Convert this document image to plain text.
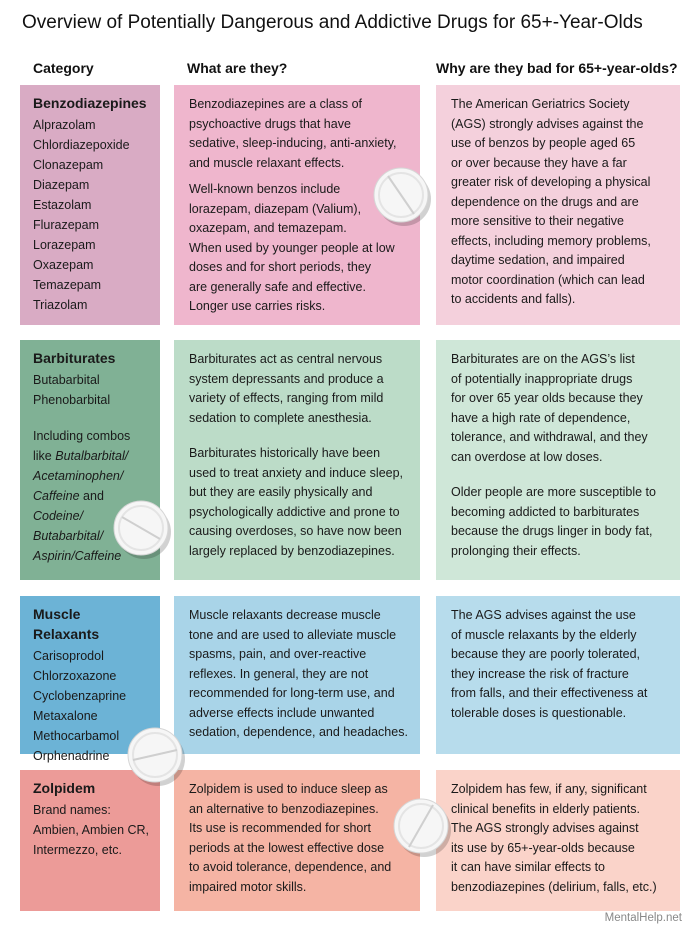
Overview of Potentially Dangerous and Addictive Drugs for 65+-Year-Olds
Category	What are they?	Why are they bad for 65+-year-olds?
Benzodiazepines
Alprazolam
Chlordiazepoxide
Clonazepam
Diazepam
Estazolam
Flurazepam
Lorazepam
Oxazepam
Temazepam
Triazolam
Benzodiazepines are a class of
psychoactive drugs that have
sedative, sleep-inducing, anti-anxiety,
and muscle relaxant effects.
Well-known benzos include
lorazepam, diazepam (Valium),
oxazepam, and temazepam.
When used by younger people at low
doses and for short periods, they
are generally safe and effective.
Longer use carries risks.
The American Geriatrics Society
(AGS) strongly advises against the
use of benzos by people aged 65
or over because they have a far
greater risk of developing a physical
dependence on the drugs and are
more sensitive to their negative
effects, including memory problems,
daytime sedation, and impaired
motor coordination (which can lead
to accidents and falls).
Barbiturates
Butabarbital
Phenobarbital
Including combos
like Butalbarbital/
Acetaminophen/
Caffeine and
Codeine/
Butabarbital/
Aspirin/Caffeine
Barbiturates act as central nervous
system depressants and produce a
variety of effects, ranging from mild
sedation to complete anesthesia.
Barbiturates historically have been
used to treat anxiety and induce sleep,
but they are easily physically and
psychologically addictive and prone to
causing overdoses, so have now been
largely replaced by benzodiazepines.
Barbiturates are on the AGS’s list
of potentially inappropriate drugs
for over 65 year olds because they
have a high rate of dependence,
tolerance, and withdrawal, and they
can overdose at low doses.
Older people are more susceptible to
becoming addicted to barbiturates
because the drugs linger in body fat,
prolonging their effects.
Muscle Relaxants
Carisoprodol
Chlorzoxazone
Cyclobenzaprine
Metaxalone
Methocarbamol
Orphenadrine
Muscle relaxants decrease muscle
tone and are used to alleviate muscle
spasms, pain, and over-reactive
reflexes. In general, they are not
recommended for long-term use, and
adverse effects include unwanted
sedation, dependence, and headaches.
The AGS advises against the use
of muscle relaxants by the elderly
because they are poorly tolerated,
they increase the risk of fracture
from falls, and their effectiveness at
tolerable doses is questionable.
Zolpidem
Brand names:
Ambien, Ambien CR,
Intermezzo, etc.
Zolpidem is used to induce sleep as
an alternative to benzodiazepines.
Its use is recommended for short
periods at the lowest effective dose
to avoid tolerance, dependence, and
impaired motor skills.
Zolpidem has few, if any, significant
clinical benefits in elderly patients.
The AGS strongly advises against
its use by 65+-year-olds because
it can have similar effects to
benzodiazepines (delirium, falls, etc.)
MentalHelp.net
